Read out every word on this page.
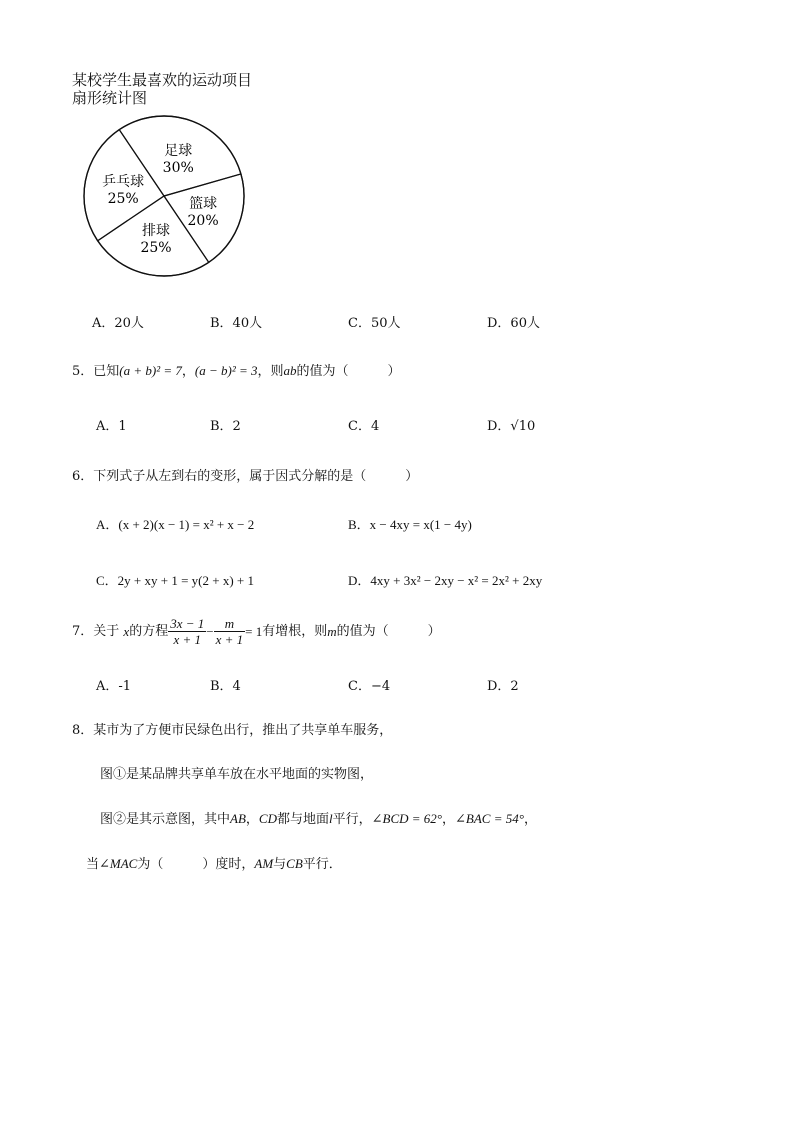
某校学生最喜欢的运动项目
扇形统计图
足球
30%
篮球
20%
排球
25%
乒乓球
25%
A．20人	B．40人	C．50人	D．60人
5．已知(a + b)² = 7，(a − b)² = 3，则ab的值为（　　　）
A．1	B．2	C．4	D．√10
6．下列式子从左到右的变形，属于因式分解的是（　　　）
A．(x + 2)(x − 1) = x² + x − 2	B．x − 4xy = x(1 − 4y)
C．2y + xy + 1 = y(2 + x) + 1	D．4xy + 3x² − 2xy − x² = 2x² + 2xy
7．关于 x的方程 $\frac{3x - 1}{x + 1} - \frac{m}{x + 1} = 1$有增根，则m的值为（　　　）
A．-1	B．4	C．−4	D．2
8．某市为了方便市民绿色出行，推出了共享单车服务，
图①是某品牌共享单车放在水平地面的实物图，
图②是其示意图，其中AB，CD都与地面l平行，∠BCD = 62°，∠BAC = 54°，
当∠MAC为（　　　）度时，AM与CB平行．
